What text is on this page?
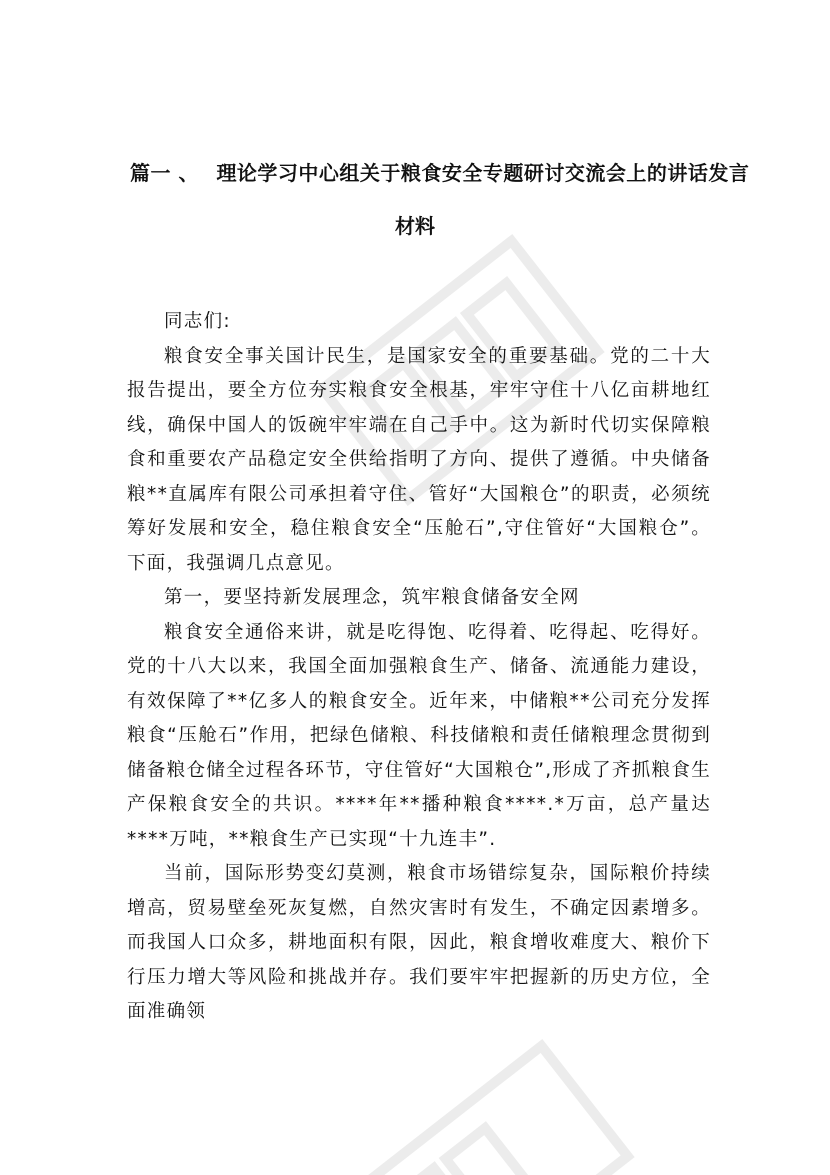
篇一 、 理论学习中心组关于粮食安全专题研讨交流会上的讲话发言
材料

同志们:

粮食安全事关国计民生，是国家安全的重要基础。党的二十大报告提出，要全方位夯实粮食安全根基，牢牢守住十八亿亩耕地红线，确保中国人的饭碗牢牢端在自己手中。这为新时代切实保障粮食和重要农产品稳定安全供给指明了方向、提供了遵循。中央储备粮**直属库有限公司承担着守住、管好“大国粮仓”的职责，必须统筹好发展和安全，稳住粮食安全“压舱石”,守住管好“大国粮仓”。下面，我强调几点意见。

第一，要坚持新发展理念，筑牢粮食储备安全网

粮食安全通俗来讲，就是吃得饱、吃得着、吃得起、吃得好。党的十八大以来，我国全面加强粮食生产、储备、流通能力建设，有效保障了**亿多人的粮食安全。近年来，中储粮**公司充分发挥粮食“压舱石”作用，把绿色储粮、科技储粮和责任储粮理念贯彻到储备粮仓储全过程各环节，守住管好“大国粮仓”,形成了齐抓粮食生产保粮食安全的共识。****年**播种粮食****.*万亩，总产量达****万吨，**粮食生产已实现“十九连丰”.

当前，国际形势变幻莫测，粮食市场错综复杂，国际粮价持续增高，贸易壁垒死灰复燃，自然灾害时有发生，不确定因素增多。而我国人口众多，耕地面积有限，因此，粮食增收难度大、粮价下行压力增大等风险和挑战并存。我们要牢牢把握新的历史方位，全面准确领
